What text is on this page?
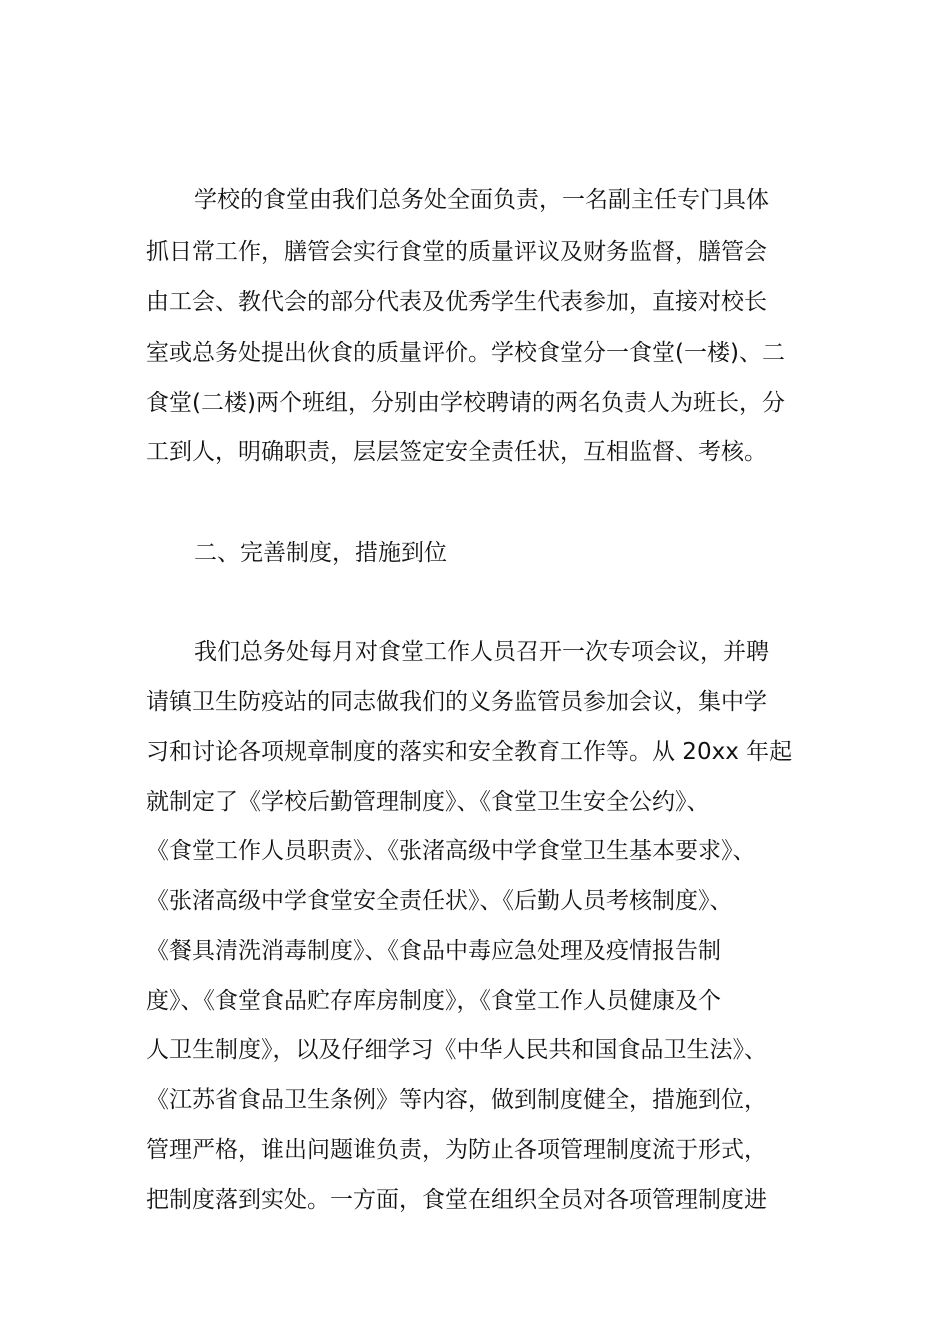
学校的食堂由我们总务处全面负责，一名副主任专门具体
抓日常工作，膳管会实行食堂的质量评议及财务监督，膳管会
由工会、教代会的部分代表及优秀学生代表参加，直接对校长
室或总务处提出伙食的质量评价。学校食堂分一食堂(一楼)、二
食堂(二楼)两个班组，分别由学校聘请的两名负责人为班长，分
工到人，明确职责，层层签定安全责任状，互相监督、考核。
二、完善制度，措施到位
我们总务处每月对食堂工作人员召开一次专项会议，并聘
请镇卫生防疫站的同志做我们的义务监管员参加会议，集中学
习和讨论各项规章制度的落实和安全教育工作等。从 20xx 年起
就制定了《学校后勤管理制度》、《食堂卫生安全公约》、
《食堂工作人员职责》、《张渚高级中学食堂卫生基本要求》、
《张渚高级中学食堂安全责任状》、《后勤人员考核制度》、
《餐具清洗消毒制度》、《食品中毒应急处理及疫情报告制
度》、《食堂食品贮存库房制度》，《食堂工作人员健康及个
人卫生制度》，以及仔细学习《中华人民共和国食品卫生法》、
《江苏省食品卫生条例》等内容，做到制度健全，措施到位，
管理严格，谁出问题谁负责，为防止各项管理制度流于形式，
把制度落到实处。一方面，食堂在组织全员对各项管理制度进
